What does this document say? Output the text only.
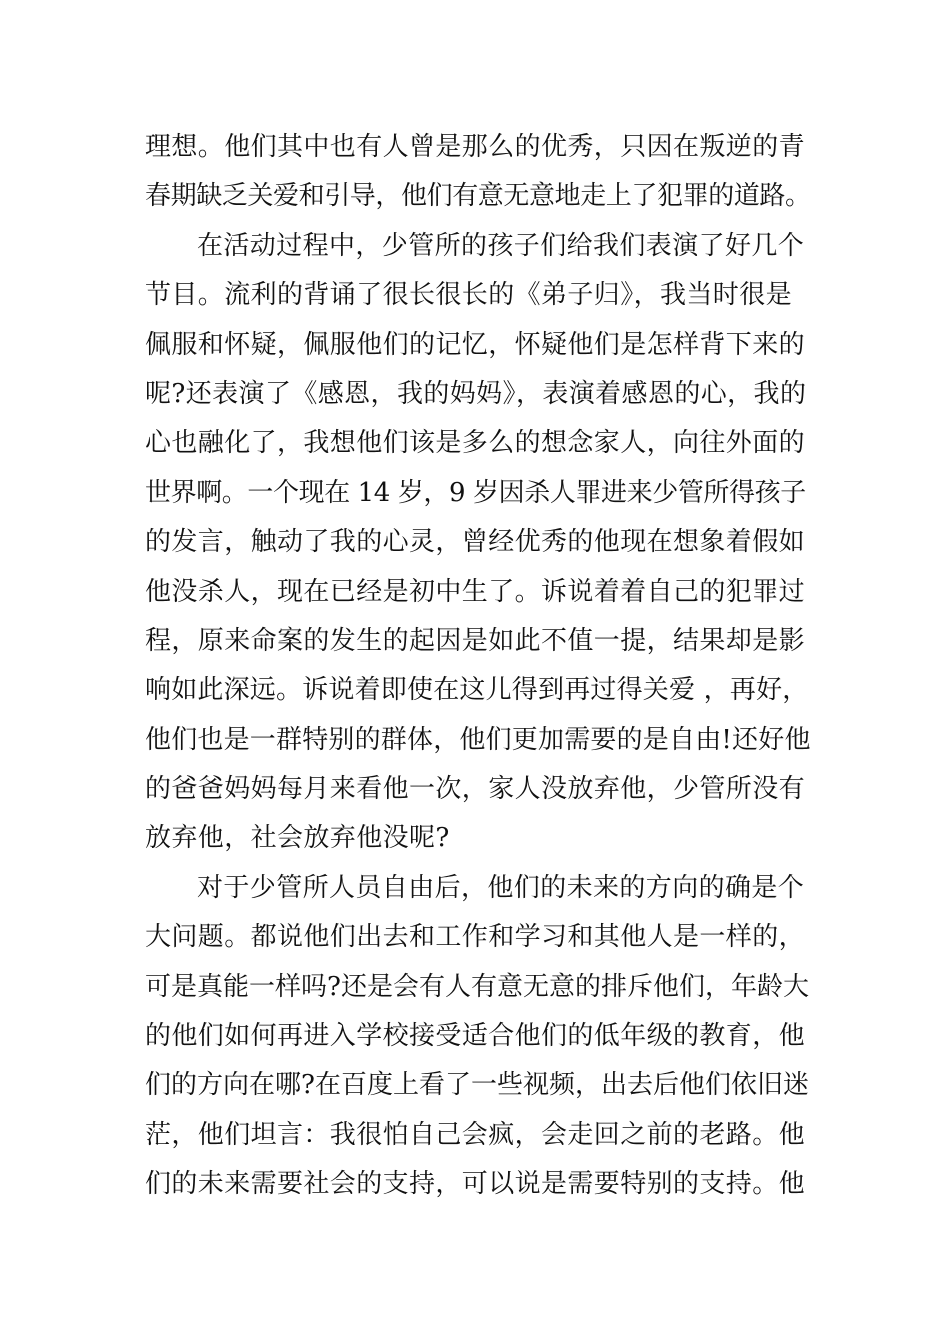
理想。他们其中也有人曾是那么的优秀，只因在叛逆的青
春期缺乏关爱和引导，他们有意无意地走上了犯罪的道路。
在活动过程中，少管所的孩子们给我们表演了好几个
节目。流利的背诵了很长很长的《弟子归》，我当时很是
佩服和怀疑，佩服他们的记忆，怀疑他们是怎样背下来的
呢?还表演了《感恩，我的妈妈》，表演着感恩的心，我的
心也融化了，我想他们该是多么的想念家人，向往外面的
世界啊。一个现在 14 岁，9 岁因杀人罪进来少管所得孩子
的发言，触动了我的心灵，曾经优秀的他现在想象着假如
他没杀人，现在已经是初中生了。诉说着着自己的犯罪过
程，原来命案的发生的起因是如此不值一提，结果却是影
响如此深远。诉说着即使在这儿得到再过得关爱 ，再好，
他们也是一群特别的群体，他们更加需要的是自由!还好他
的爸爸妈妈每月来看他一次，家人没放弃他，少管所没有
放弃他，社会放弃他没呢?
对于少管所人员自由后，他们的未来的方向的确是个
大问题。都说他们出去和工作和学习和其他人是一样的，
可是真能一样吗?还是会有人有意无意的排斥他们，年龄大
的他们如何再进入学校接受适合他们的低年级的教育，他
们的方向在哪?在百度上看了一些视频，出去后他们依旧迷
茫，他们坦言：我很怕自己会疯，会走回之前的老路。他
们的未来需要社会的支持，可以说是需要特别的支持。他
